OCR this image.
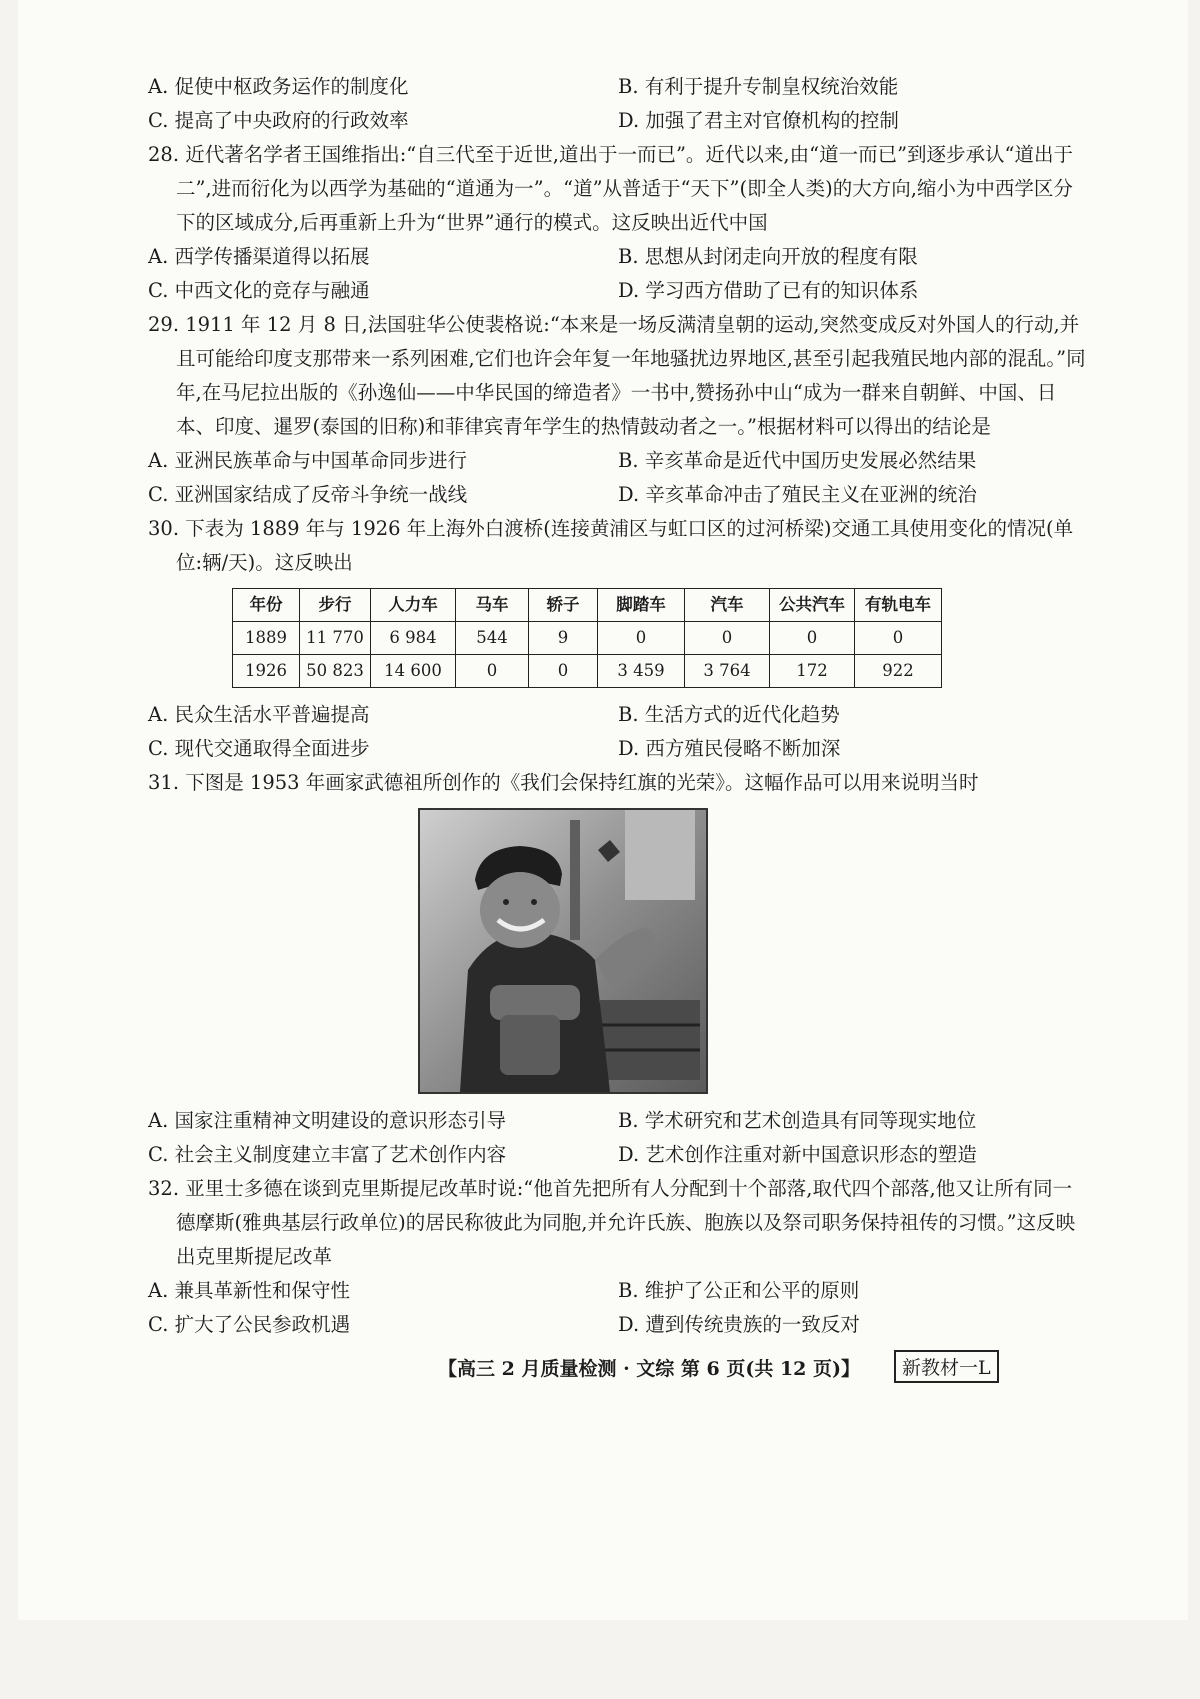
A. 促使中枢政务运作的制度化	B. 有利于提升专制皇权统治效能
C. 提高了中央政府的行政效率	D. 加强了君主对官僚机构的控制

28. 近代著名学者王国维指出:“自三代至于近世,道出于一而已”。近代以来,由“道一而已”到逐步承认“道出于二”,进而衍化为以西学为基础的“道通为一”。“道”从普适于“天下”(即全人类)的大方向,缩小为中西学区分下的区域成分,后再重新上升为“世界”通行的模式。这反映出近代中国

A. 西学传播渠道得以拓展	B. 思想从封闭走向开放的程度有限
C. 中西文化的竞存与融通	D. 学习西方借助了已有的知识体系

29. 1911 年 12 月 8 日,法国驻华公使裴格说:“本来是一场反满清皇朝的运动,突然变成反对外国人的行动,并且可能给印度支那带来一系列困难,它们也许会年复一年地骚扰边界地区,甚至引起我殖民地内部的混乱。”同年,在马尼拉出版的《孙逸仙——中华民国的缔造者》一书中,赞扬孙中山“成为一群来自朝鲜、中国、日本、印度、暹罗(泰国的旧称)和菲律宾青年学生的热情鼓动者之一。”根据材料可以得出的结论是

A. 亚洲民族革命与中国革命同步进行	B. 辛亥革命是近代中国历史发展必然结果
C. 亚洲国家结成了反帝斗争统一战线	D. 辛亥革命冲击了殖民主义在亚洲的统治

30. 下表为 1889 年与 1926 年上海外白渡桥(连接黄浦区与虹口区的过河桥梁)交通工具使用变化的情况(单位:辆/天)。这反映出

年份	步行	人力车	马车	轿子	脚踏车	汽车	公共汽车	有轨电车
1889	11 770	6 984	544	9	0	0	0	0
1926	50 823	14 600	0	0	3 459	3 764	172	922
A. 民众生活水平普遍提高	B. 生活方式的近代化趋势
C. 现代交通取得全面进步	D. 西方殖民侵略不断加深

31. 下图是 1953 年画家武德祖所创作的《我们会保持红旗的光荣》。这幅作品可以用来说明当时

A. 国家注重精神文明建设的意识形态引导	B. 学术研究和艺术创造具有同等现实地位
C. 社会主义制度建立丰富了艺术创作内容	D. 艺术创作注重对新中国意识形态的塑造

32. 亚里士多德在谈到克里斯提尼改革时说:“他首先把所有人分配到十个部落,取代四个部落,他又让所有同一德摩斯(雅典基层行政单位)的居民称彼此为同胞,并允许氏族、胞族以及祭司职务保持祖传的习惯。”这反映出克里斯提尼改革

A. 兼具革新性和保守性	B. 维护了公正和公平的原则
C. 扩大了公民参政机遇	D. 遭到传统贵族的一致反对
【高三 2 月质量检测 · 文综 第 6 页(共 12 页)】	新教材一L
